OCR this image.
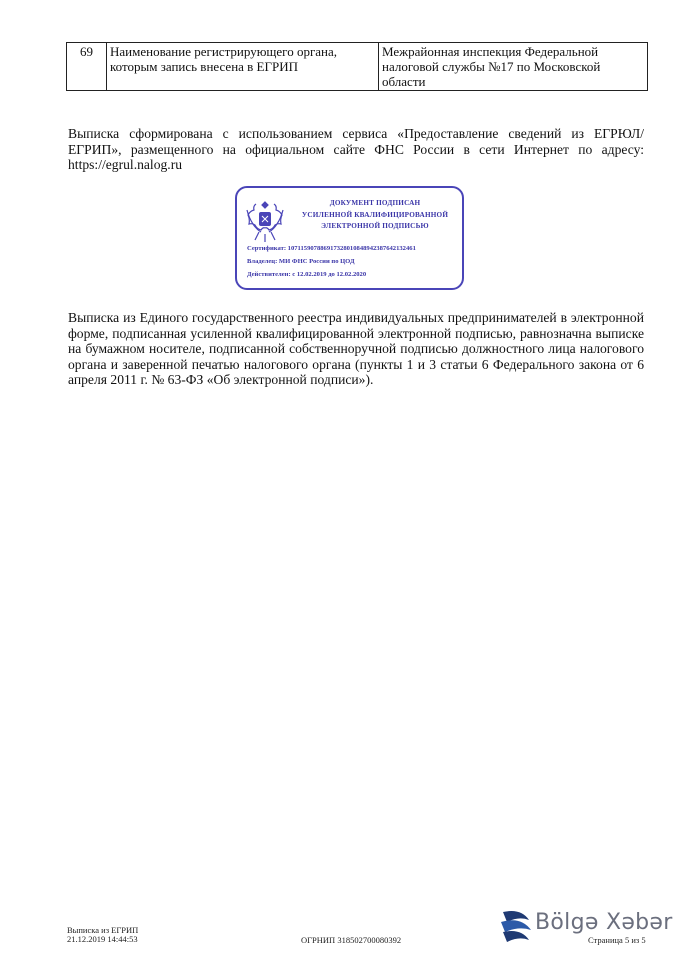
69	Наименование регистрирующего органа, которым запись внесена в ЕГРИП	Межрайонная инспекция Федеральной налоговой службы №17 по Московской области

Выписка сформирована с использованием сервиса «Предоставление сведений из ЕГРЮЛ/ЕГРИП», размещенного на официальном сайте ФНС России в сети Интернет по адресу: https://egrul.nalog.ru

ДОКУМЕНТ ПОДПИСАН
УСИЛЕННОЙ КВАЛИФИЦИРОВАННОЙ
ЭЛЕКТРОННОЙ ПОДПИСЬЮ
Сертификат: 107115907886917328010848942387642132461
Владелец: МИ ФНС России по ЦОД
Действителен: с 12.02.2019 до 12.02.2020

Выписка из Единого государственного реестра индивидуальных предпринимателей в электронной форме, подписанная усиленной квалифицированной электронной подписью, равнозначна выписке на бумажном носителе, подписанной собственноручной подписью должностного лица налогового органа и заверенной печатью налогового органа (пункты 1 и 3 статьи 6 Федерального закона от 6 апреля 2011 г. № 63-ФЗ «Об электронной подписи»).

Выписка из ЕГРИП
21.12.2019 14:44:53	ОГРНИП 318502700080392
Bölgə Xəbər
Страница 5 из 5
